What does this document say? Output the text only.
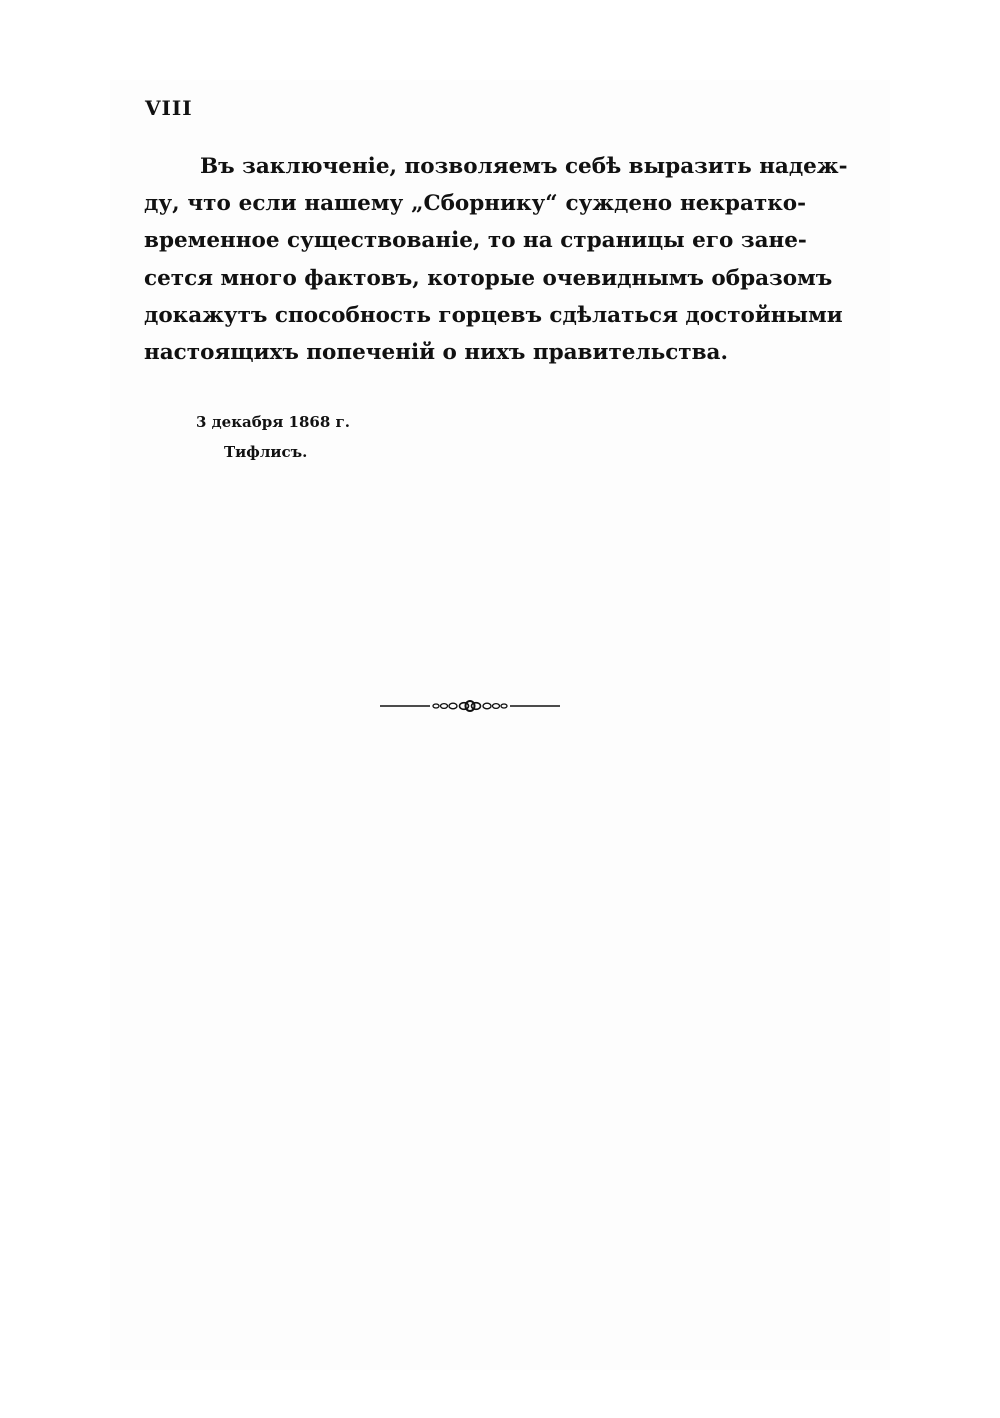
VIII
Въ заключеніе, позволяемъ себѣ выразить надеж-
ду, что если нашему „Сборнику“ суждено некратко-
временное существованіе, то на страницы его зане-
сется много фактовъ, которые очевиднымъ образомъ
докажутъ способность горцевъ сдѣлаться достойными
настоящихъ попеченій о нихъ правительства.
3 декабря 1868 г.
Тифлисъ.
